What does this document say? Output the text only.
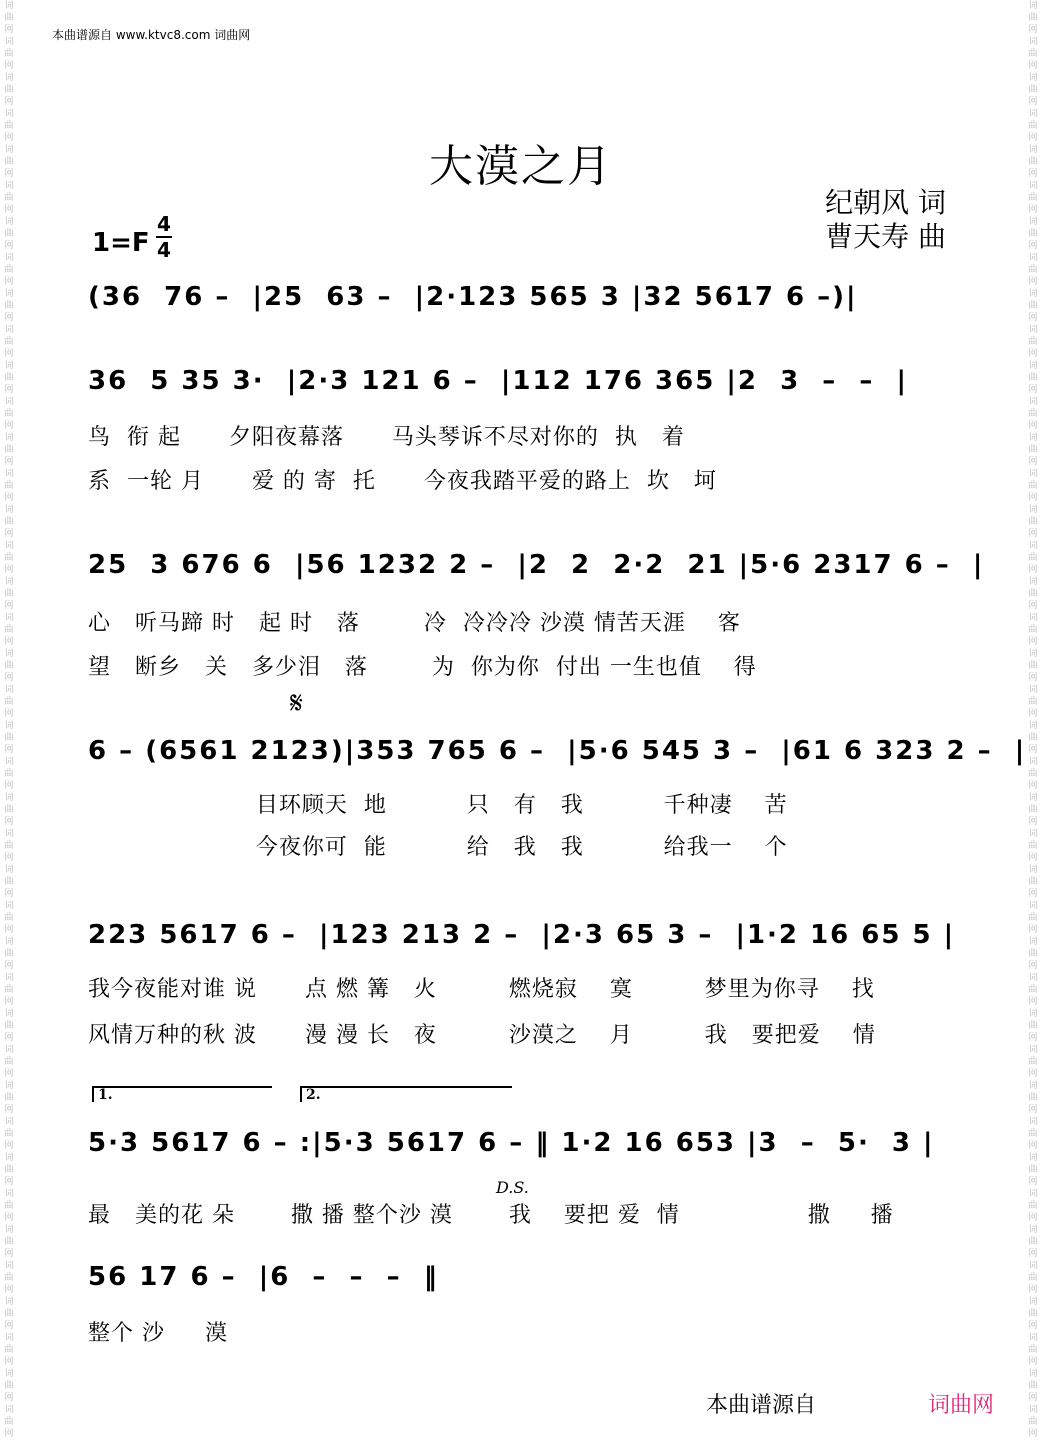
词
曲
网
词
曲
网
词
曲
网
词
曲
网
词
曲
网
词
曲
网
词
曲
网
词
曲
网
词
曲
网
词
曲
网
词
曲
网
词
曲
网
词
曲
网
词
曲
网
词
曲
网
词
曲
网
词
曲
网
词
曲
网
词
曲
网
词
曲
网
词
曲
网
词
曲
网
词
曲
网
词
曲
网
词
曲
网
词
曲
网
词
曲
网
词
曲
网
词
曲
网
词
曲
网
词
曲
网
词
曲
网
词
曲
网
词
曲
网
词
曲
网
词
曲
网
词
曲
网
词
曲
网
词
曲
网
词
曲
网
词
曲
网
词
曲
网
词
曲
网
词
曲
网
词
曲
网
词
曲
网
词
曲
网
词
曲
网
词
曲
网
词
曲
网
词
曲
网
词
曲
网
词
曲
网
词
曲
网
词
曲
网
词
曲
网
词
曲
网
词
曲
网
词
曲
网
词
曲
网
词
曲
网
词
曲
网
词
曲
网
词
曲
网
词
曲
网
词
曲
网
词
曲
网
词
曲
网
词
曲
网
词
曲
网
词
曲
网
词
曲
网
词
曲
网
词
曲
网
词
曲
网
词
曲
网
词
曲
网
词
曲
网
词
曲
网
词
曲
网
本曲谱源自 www.ktvc8.com 词曲网
大漠之月
纪朝风 词
曹天寿 曲
1=F
4
4
𝄋
D.S.
1.	2.
(36  76 –  |25  63 –  |2·123 565 3 |32 5617 6 –)|
36  5 35 3·  |2·3 121 6 –  |112 176 365 |2  3  –  –  |
鸟  衔 起      夕阳夜幕落      马头琴诉不尽对你的  执   着
系  一轮 月      爱 的 寄  托      今夜我踏平爱的路上  坎   坷
25  3 676 6  |56 1232 2 –  |2  2  2·2  21 |5·6 2317 6 –  |
心   听马蹄 时   起 时   落        冷  冷冷冷 沙漠 情苦天涯    客
望   断乡   关   多少泪   落        为  你为你  付出 一生也值    得
6 – (6561 2123)|353 765 6 –  |5·6 545 3 –  |61 6 323 2 –  |
目环顾天  地          只   有   我          千种凄    苦
今夜你可  能          给   我   我          给我一    个
223 5617 6 –  |123 213 2 –  |2·3 65 3 –  |1·2 16 65 5 |
我今夜能对谁 说      点 燃 篝   火         燃烧寂    寞         梦里为你寻    找
风情万种的秋 波      漫 漫 长   夜         沙漠之    月         我   要把爱    情
5·3 5617 6 – :|5·3 5617 6 – ‖ 1·2 16 653 |3  –  5·  3 |
最   美的花 朵       撒 播 整个沙 漠       我    要把 爱  情                撒     播
56 17 6 –  |6  –  –  –  ‖
整个 沙     漠
本曲谱源自	词曲网
